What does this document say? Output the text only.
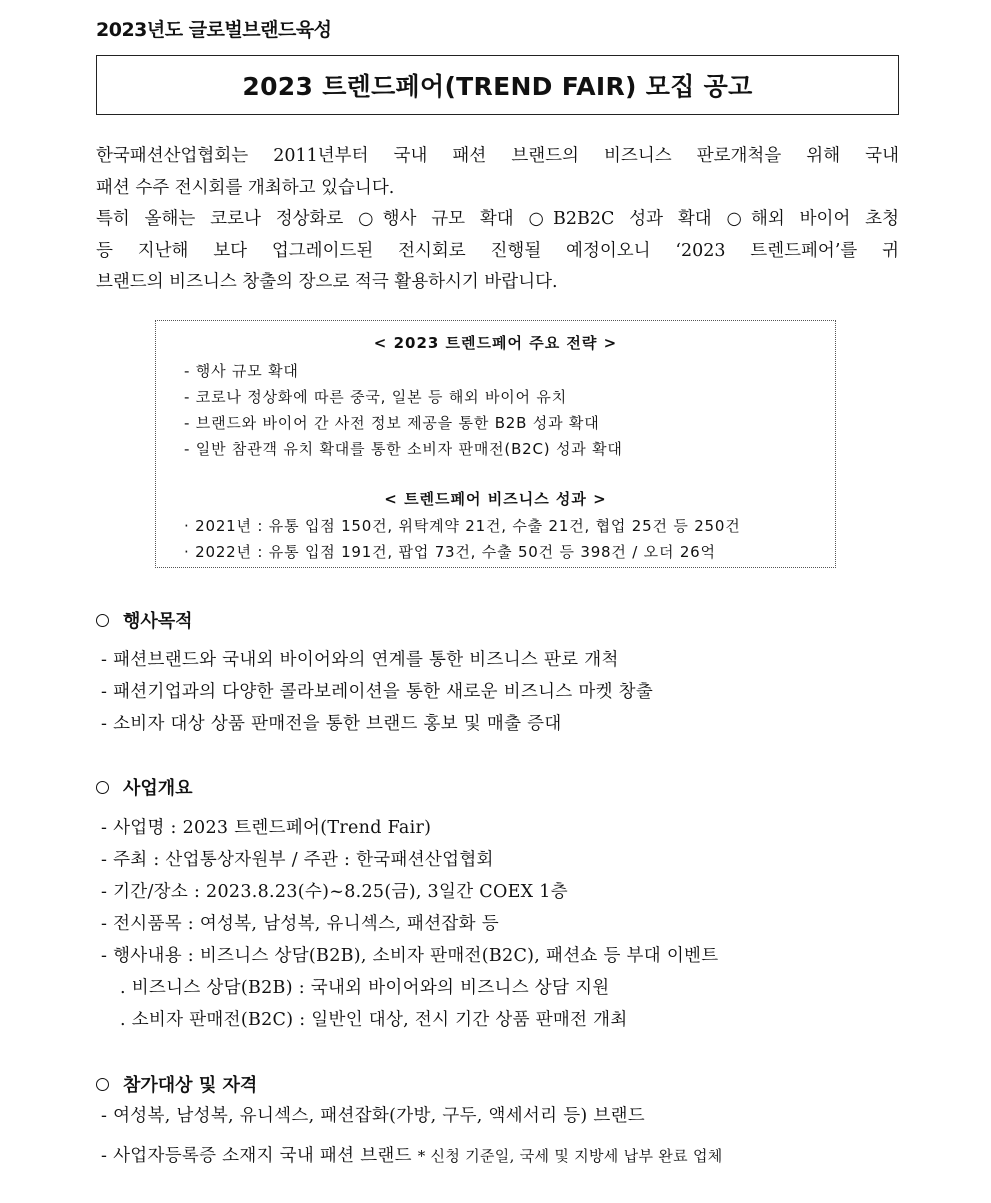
2023년도 글로벌브랜드육성
2023 트렌드페어(TREND FAIR) 모집 공고
한국패션산업협회는 2011년부터 국내 패션 브랜드의 비즈니스 판로개척을 위해 국내
패션 수주 전시회를 개최하고 있습니다.
특히 올해는 코로나 정상화로 ○행사 규모 확대 ○B2B2C 성과 확대 ○해외 바이어 초청
등 지난해 보다 업그레이드된 전시회로 진행될 예정이오니 ‘2023 트렌드페어’를 귀
브랜드의 비즈니스 창출의 장으로 적극 활용하시기 바랍니다.
< 2023 트렌드페어 주요 전략 >
- 행사 규모 확대
- 코로나 정상화에 따른 중국, 일본 등 해외 바이어 유치
- 브랜드와 바이어 간 사전 정보 제공을 통한 B2B 성과 확대
- 일반 참관객 유치 확대를 통한 소비자 판매전(B2C) 성과 확대
< 트렌드페어 비즈니스 성과 >
· 2021년 : 유통 입점 150건, 위탁계약 21건, 수출 21건, 협업 25건 등 250건
· 2022년 : 유통 입점 191건, 팝업 73건, 수출 50건 등 398건 / 오더 26억
행사목적
- 패션브랜드와 국내외 바이어와의 연계를 통한 비즈니스 판로 개척
- 패션기업과의 다양한 콜라보레이션을 통한 새로운 비즈니스 마켓 창출
- 소비자 대상 상품 판매전을 통한 브랜드 홍보 및 매출 증대
사업개요
- 사업명 : 2023 트렌드페어(Trend Fair)
- 주최 : 산업통상자원부 / 주관 : 한국패션산업협회
- 기간/장소 : 2023.8.23(수)~8.25(금), 3일간 COEX 1층
- 전시품목 : 여성복, 남성복, 유니섹스, 패션잡화 등
- 행사내용 : 비즈니스 상담(B2B), 소비자 판매전(B2C), 패션쇼 등 부대 이벤트
. 비즈니스 상담(B2B) : 국내외 바이어와의 비즈니스 상담 지원
. 소비자 판매전(B2C) : 일반인 대상, 전시 기간 상품 판매전 개최
참가대상 및 자격
- 여성복, 남성복, 유니섹스, 패션잡화(가방, 구두, 액세서리 등) 브랜드
- 사업자등록증 소재지 국내 패션 브랜드 * 신청 기준일, 국세 및 지방세 납부 완료 업체
